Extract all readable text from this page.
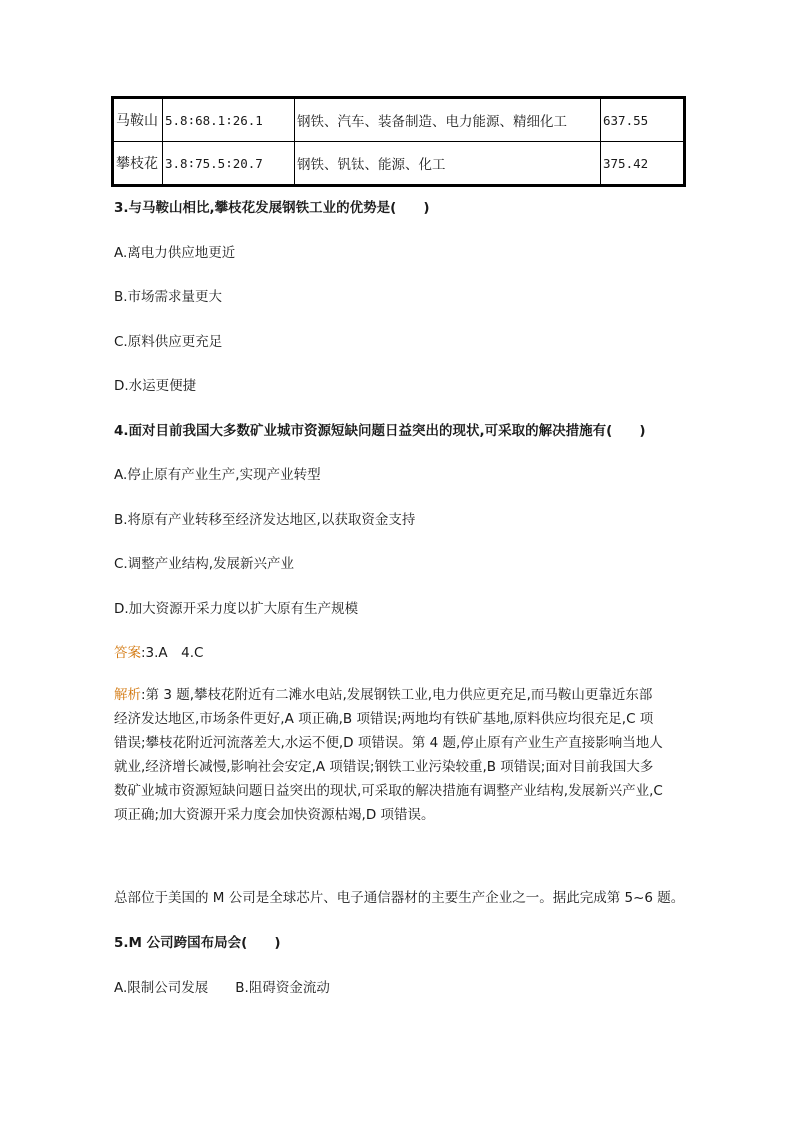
马鞍山	5.8∶68.1∶26.1	钢铁、汽车、装备制造、电力能源、精细化工	637.55
攀枝花	3.8∶75.5∶20.7	钢铁、钒钛、能源、化工	375.42
3.与马鞍山相比,攀枝花发展钢铁工业的优势是(　　)
A.离电力供应地更近
B.市场需求量更大
C.原料供应更充足
D.水运更便捷
4.面对目前我国大多数矿业城市资源短缺问题日益突出的现状,可采取的解决措施有(　　)
A.停止原有产业生产,实现产业转型
B.将原有产业转移至经济发达地区,以获取资金支持
C.调整产业结构,发展新兴产业
D.加大资源开采力度以扩大原有生产规模
答案:3.A　4.C
解析:第 3 题,攀枝花附近有二滩水电站,发展钢铁工业,电力供应更充足,而马鞍山更靠近东部
经济发达地区,市场条件更好,A 项正确,B 项错误;两地均有铁矿基地,原料供应均很充足,C 项
错误;攀枝花附近河流落差大,水运不便,D 项错误。第 4 题,停止原有产业生产直接影响当地人
就业,经济增长减慢,影响社会安定,A 项错误;钢铁工业污染较重,B 项错误;面对目前我国大多
数矿业城市资源短缺问题日益突出的现状,可采取的解决措施有调整产业结构,发展新兴产业,C
项正确;加大资源开采力度会加快资源枯竭,D 项错误。
总部位于美国的 M 公司是全球芯片、电子通信器材的主要生产企业之一。据此完成第 5~6 题。
5.M 公司跨国布局会(　　)
A.限制公司发展　　B.阻碍资金流动
